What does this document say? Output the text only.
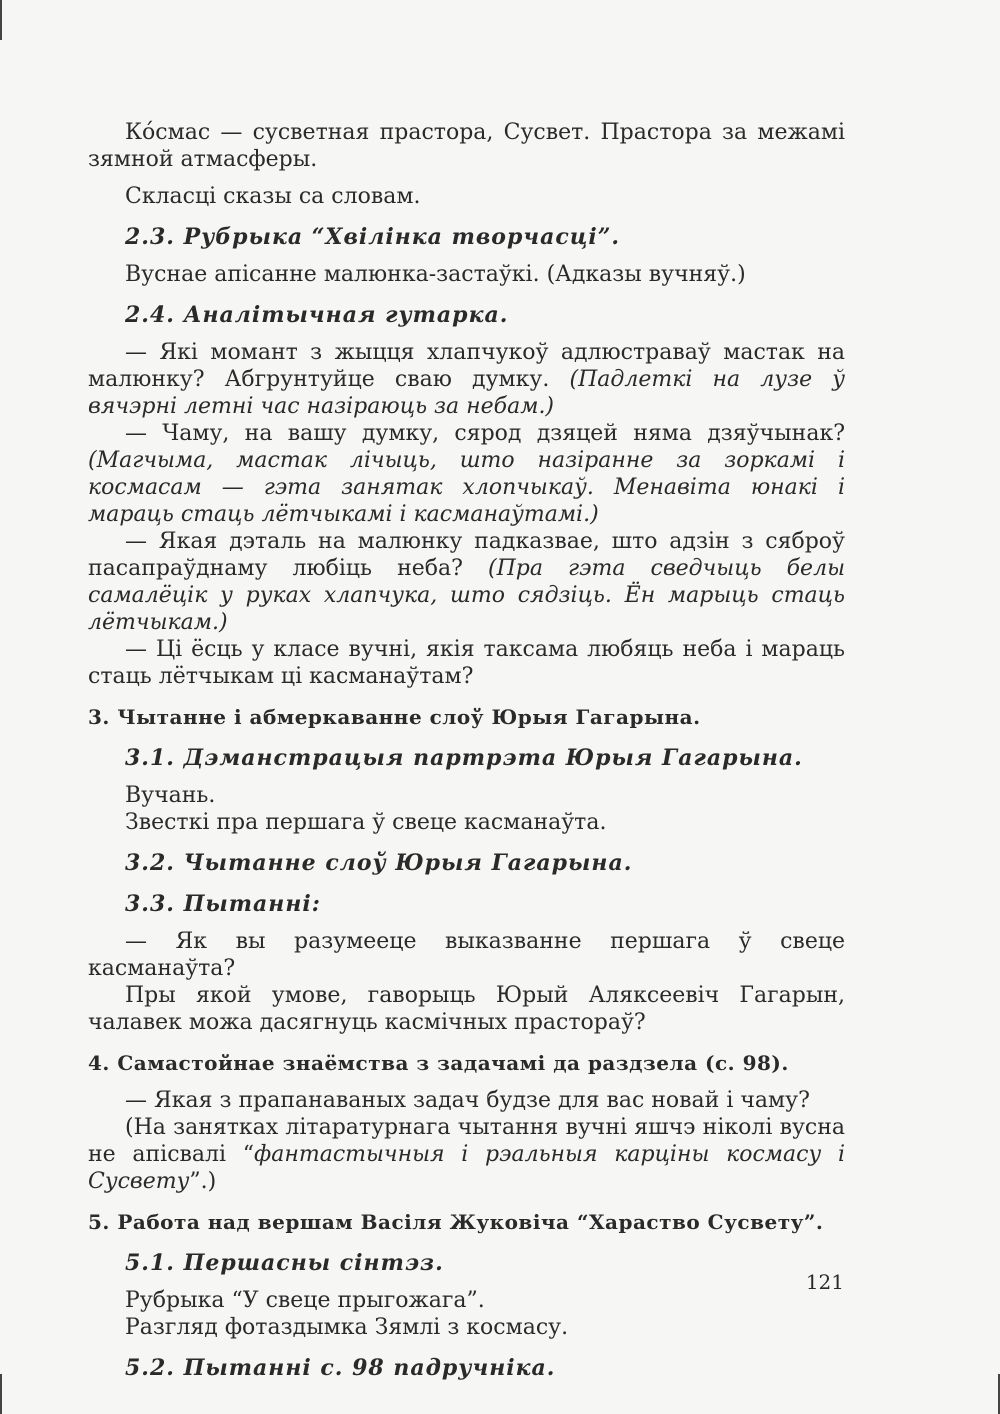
Ко́смас — сусветная прастора, Сусвет. Прастора за межамі зямной атмасферы.

Скласці сказы са словам.

2.3. Рубрыка “Хвілінка творчасці”.

Вуснае апісанне малюнка-застаўкі. (Адказы вучняў.)

2.4. Аналітычная гутарка.

— Які момант з жыцця хлапчукоў адлюстраваў мастак на малюнку? Абгрунтуйце сваю думку. (Падлеткі на лузе ў вячэрні летні час назіраюць за небам.)

— Чаму, на вашу думку, сярод дзяцей няма дзяўчынак? (Магчыма, мастак лічыць, што назіранне за зоркамі і космасам — гэта занятак хлопчыкаў. Менавіта юнакі і мараць стаць лётчыкамі і касманаўтамі.)

— Якая дэталь на малюнку падказвае, што адзін з сяброў пасапраўднаму любіць неба? (Пра гэта сведчыць белы самалёцік у руках хлапчука, што сядзіць. Ён марыць стаць лётчыкам.)

— Ці ёсць у класе вучні, якія таксама любяць неба і мараць стаць лётчыкам ці касманаўтам?

3. Чытанне і абмеркаванне слоў Юрыя Гагарына.

3.1. Дэманстрацыя партрэта Юрыя Гагарына.

Вучань.

Звесткі пра першага ў свеце касманаўта.

3.2. Чытанне слоў Юрыя Гагарына.

3.3. Пытанні:

— Як вы разумееце выказванне першага ў свеце касманаўта?

Пры якой умове, гаворыць Юрый Аляксеевіч Гагарын, чалавек можа дасягнуць касмічных прастораў?

4. Самастойнае знаёмства з задачамі да раздзела (с. 98).

— Якая з прапанаваных задач будзе для вас новай і чаму?

(На занятках літаратурнага чытання вучні яшчэ ніколі вусна не апісвалі “фантастычныя і рэальныя карціны космасу і Сусвету”.)

5. Работа над вершам Васіля Жуковіча “Хараство Сусвету”.

5.1. Першасны сінтэз.

Рубрыка “У свеце прыгожага”.

Разгляд фотаздымка Зямлі з космасу.

5.2. Пытанні с. 98 падручніка.

121
